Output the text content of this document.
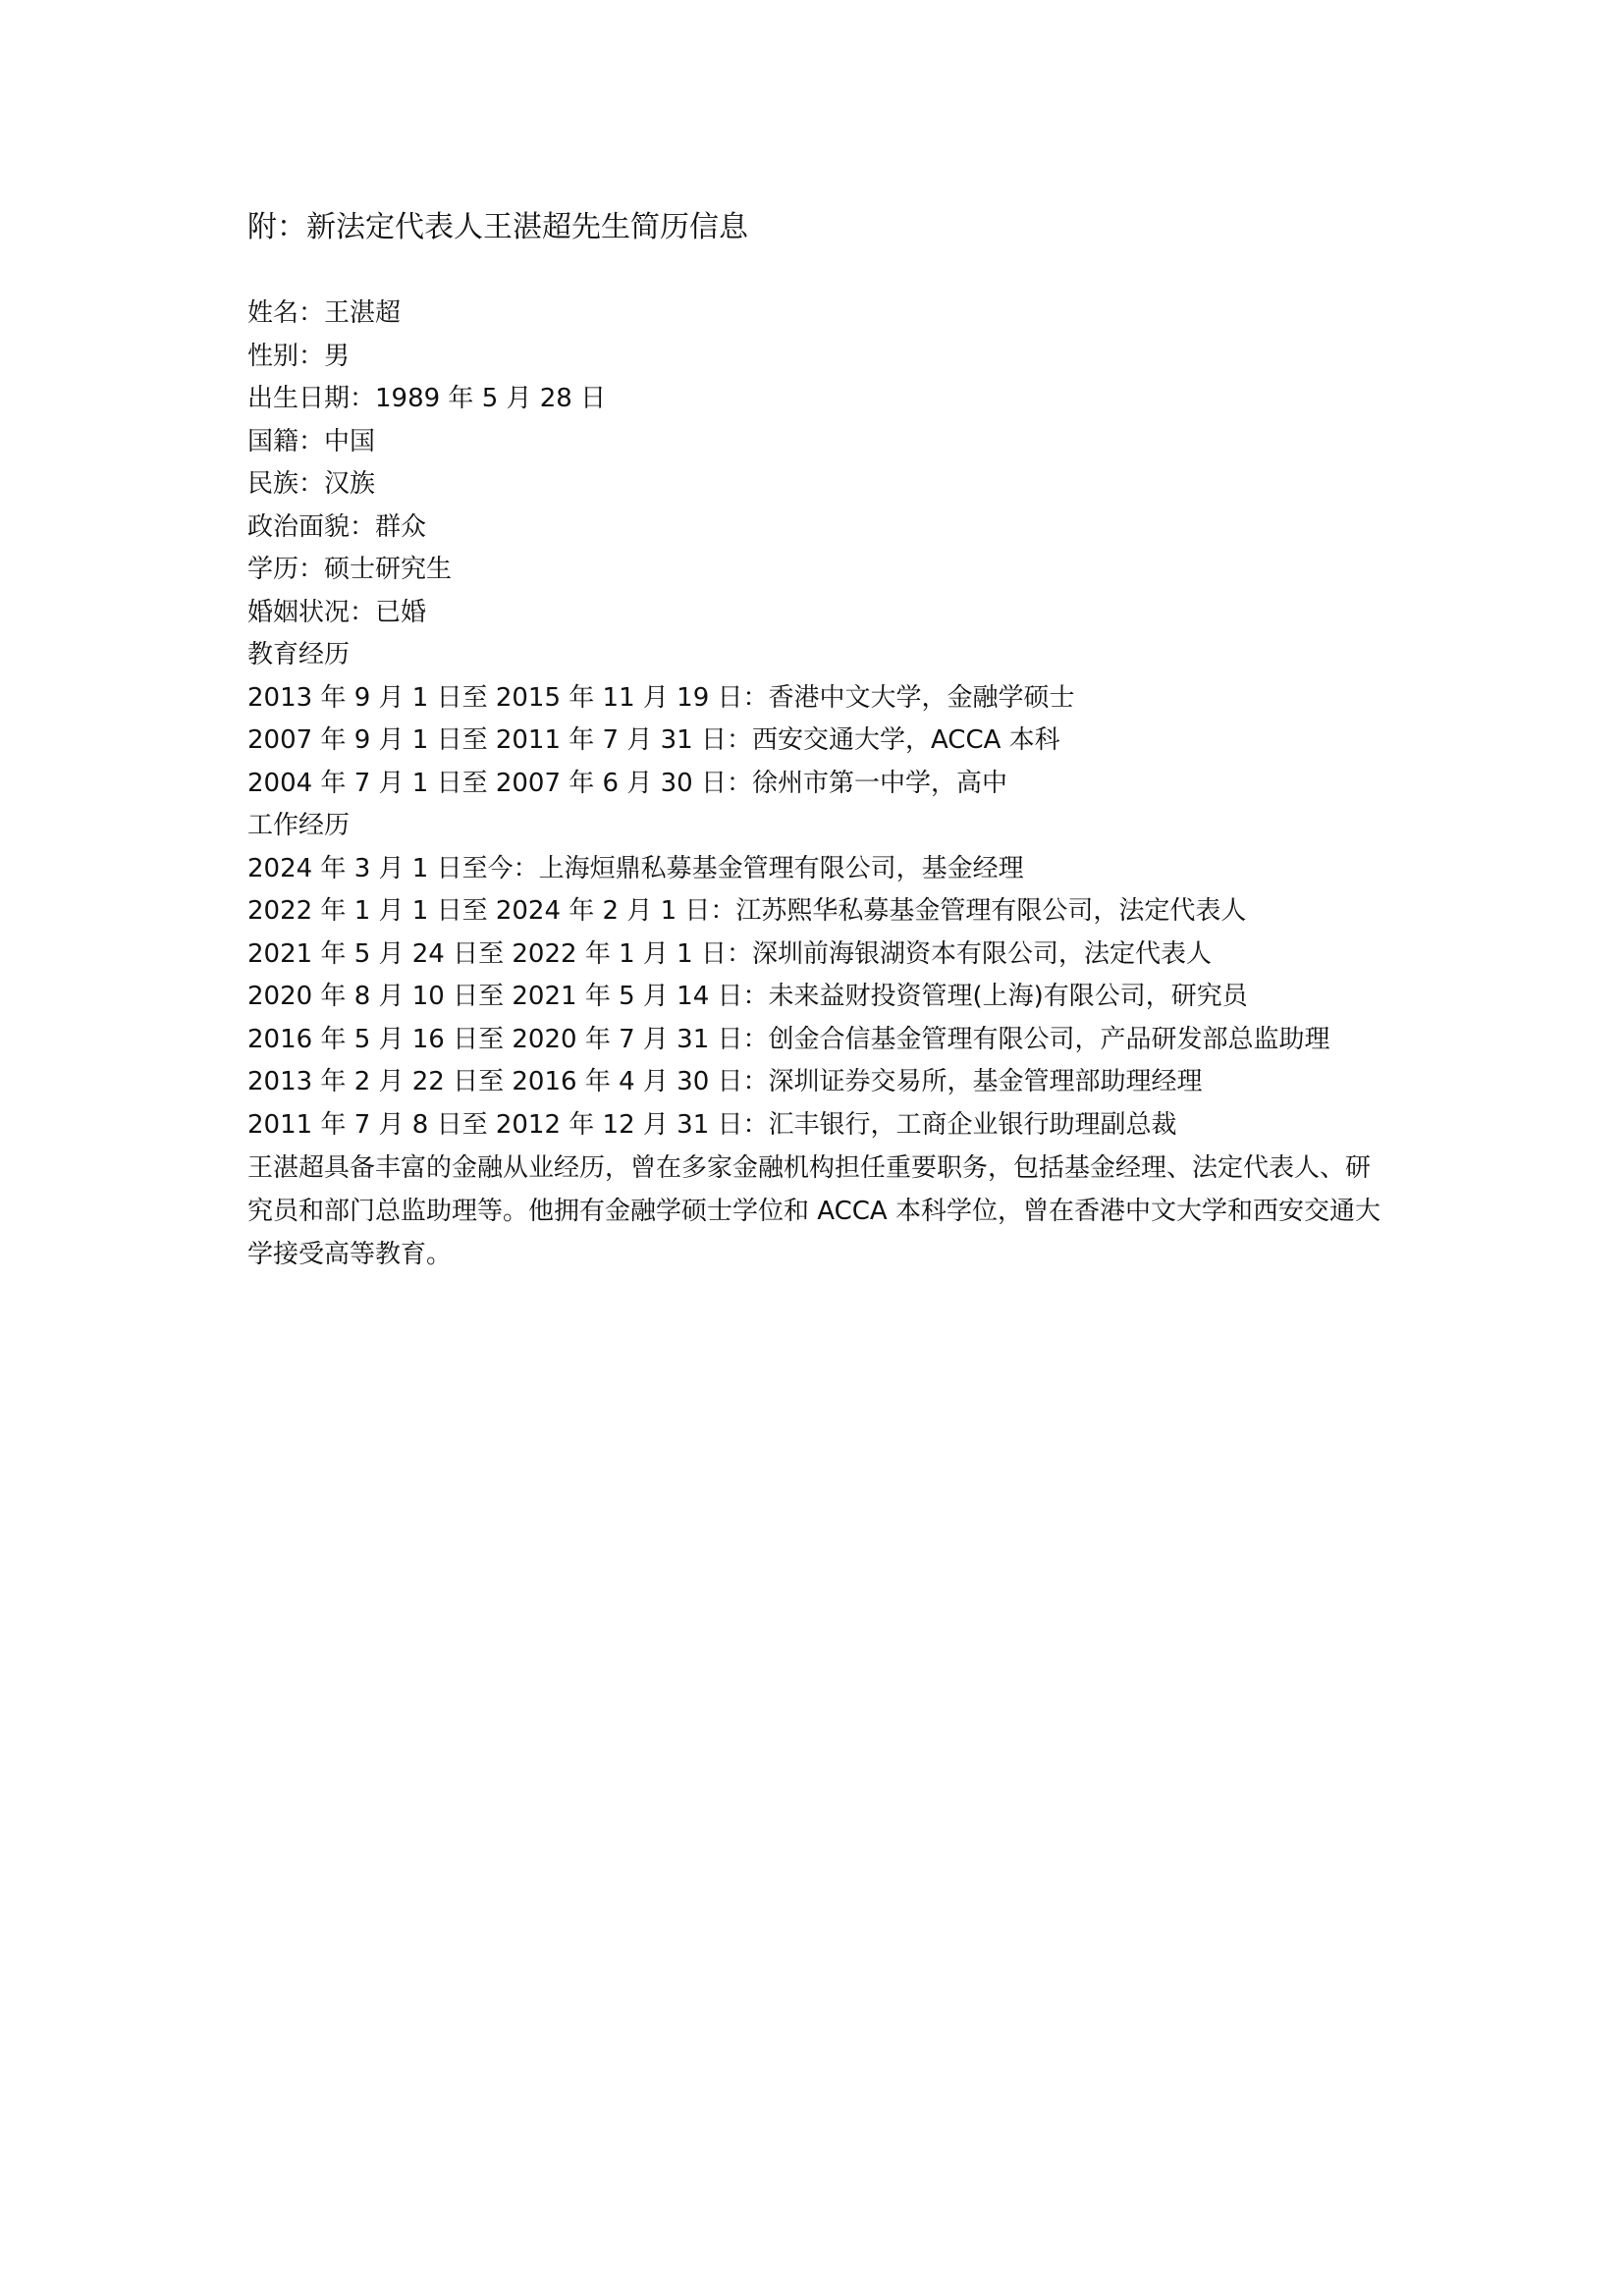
附：新法定代表人王湛超先生简历信息
姓名：王湛超
性别：男
出生日期：1989 年 5 月 28 日
国籍：中国
民族：汉族
政治面貌：群众
学历：硕士研究生
婚姻状况：已婚
教育经历
2013 年 9 月 1 日至 2015 年 11 月 19 日：香港中文大学，金融学硕士
2007 年 9 月 1 日至 2011 年 7 月 31 日：西安交通大学，ACCA 本科
2004 年 7 月 1 日至 2007 年 6 月 30 日：徐州市第一中学，高中
工作经历
2024 年 3 月 1 日至今：上海烜鼎私募基金管理有限公司，基金经理
2022 年 1 月 1 日至 2024 年 2 月 1 日：江苏熙华私募基金管理有限公司，法定代表人
2021 年 5 月 24 日至 2022 年 1 月 1 日：深圳前海银湖资本有限公司，法定代表人
2020 年 8 月 10 日至 2021 年 5 月 14 日：未来益财投资管理(上海)有限公司，研究员
2016 年 5 月 16 日至 2020 年 7 月 31 日：创金合信基金管理有限公司，产品研发部总监助理
2013 年 2 月 22 日至 2016 年 4 月 30 日：深圳证券交易所，基金管理部助理经理
2011 年 7 月 8 日至 2012 年 12 月 31 日：汇丰银行，工商企业银行助理副总裁
王湛超具备丰富的金融从业经历，曾在多家金融机构担任重要职务，包括基金经理、法定代表人、研究员和部门总监助理等。他拥有金融学硕士学位和 ACCA 本科学位，曾在香港中文大学和西安交通大学接受高等教育。
